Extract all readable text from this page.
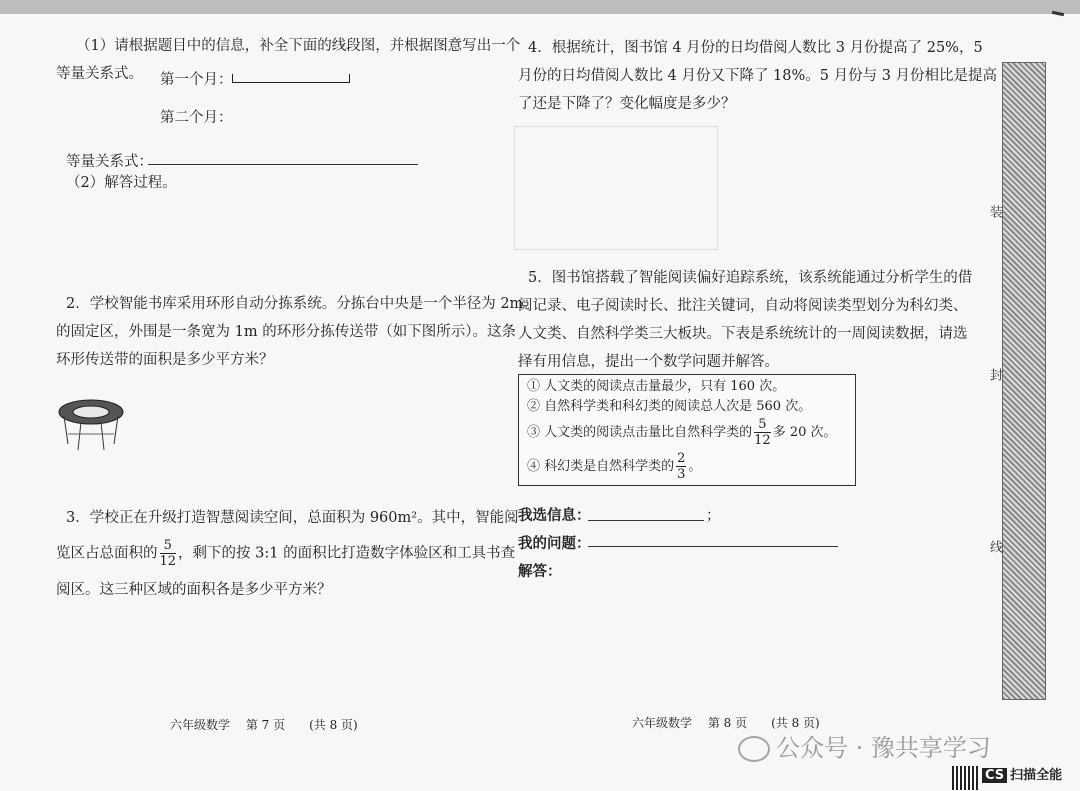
（1）请根据题目中的信息，补全下面的线段图，并根据图意写出一个
等量关系式。 第一个月：
第二个月：
等量关系式：
（2）解答过程。
2．学校智能书库采用环形自动分拣系统。分拣台中央是一个半径为 2m
的固定区，外围是一条宽为 1m 的环形分拣传送带（如下图所示）。这条
环形传送带的面积是多少平方米？
3．学校正在升级打造智慧阅读空间，总面积为 960m²。其中，智能阅
览区占总面积的 $\frac{5}{12}$ ，剩下的按 3:1 的面积比打造数字体验区和工具书查
阅区。这三种区域的面积各是多少平方米？
六年级数学　 第 7 页　　(共 8 页)
4．根据统计，图书馆 4 月份的日均借阅人数比 3 月份提高了 25%，5
月份的日均借阅人数比 4 月份又下降了 18%。5 月份与 3 月份相比是提高
了还是下降了？变化幅度是多少？
5．图书馆搭载了智能阅读偏好追踪系统，该系统能通过分析学生的借
阅记录、电子阅读时长、批注关键词，自动将阅读类型划分为科幻类、
人文类、自然科学类三大板块。下表是系统统计的一周阅读数据，请选
择有用信息，提出一个数学问题并解答。
① 人文类的阅读点击量最少，只有 160 次。
② 自然科学类和科幻类的阅读总人次是 560 次。
③ 人文类的阅读点击量比自然科学类的 $\frac{5}{12}$ 多 20 次。
④ 科幻类是自然科学类的 $\frac{2}{3}$ 。
我选信息：	；
我的问题：
解答：
六年级数学　 第 8 页　　(共 8 页)
装
封
线
公众号 · 豫共享学习
CS 扫描全能
